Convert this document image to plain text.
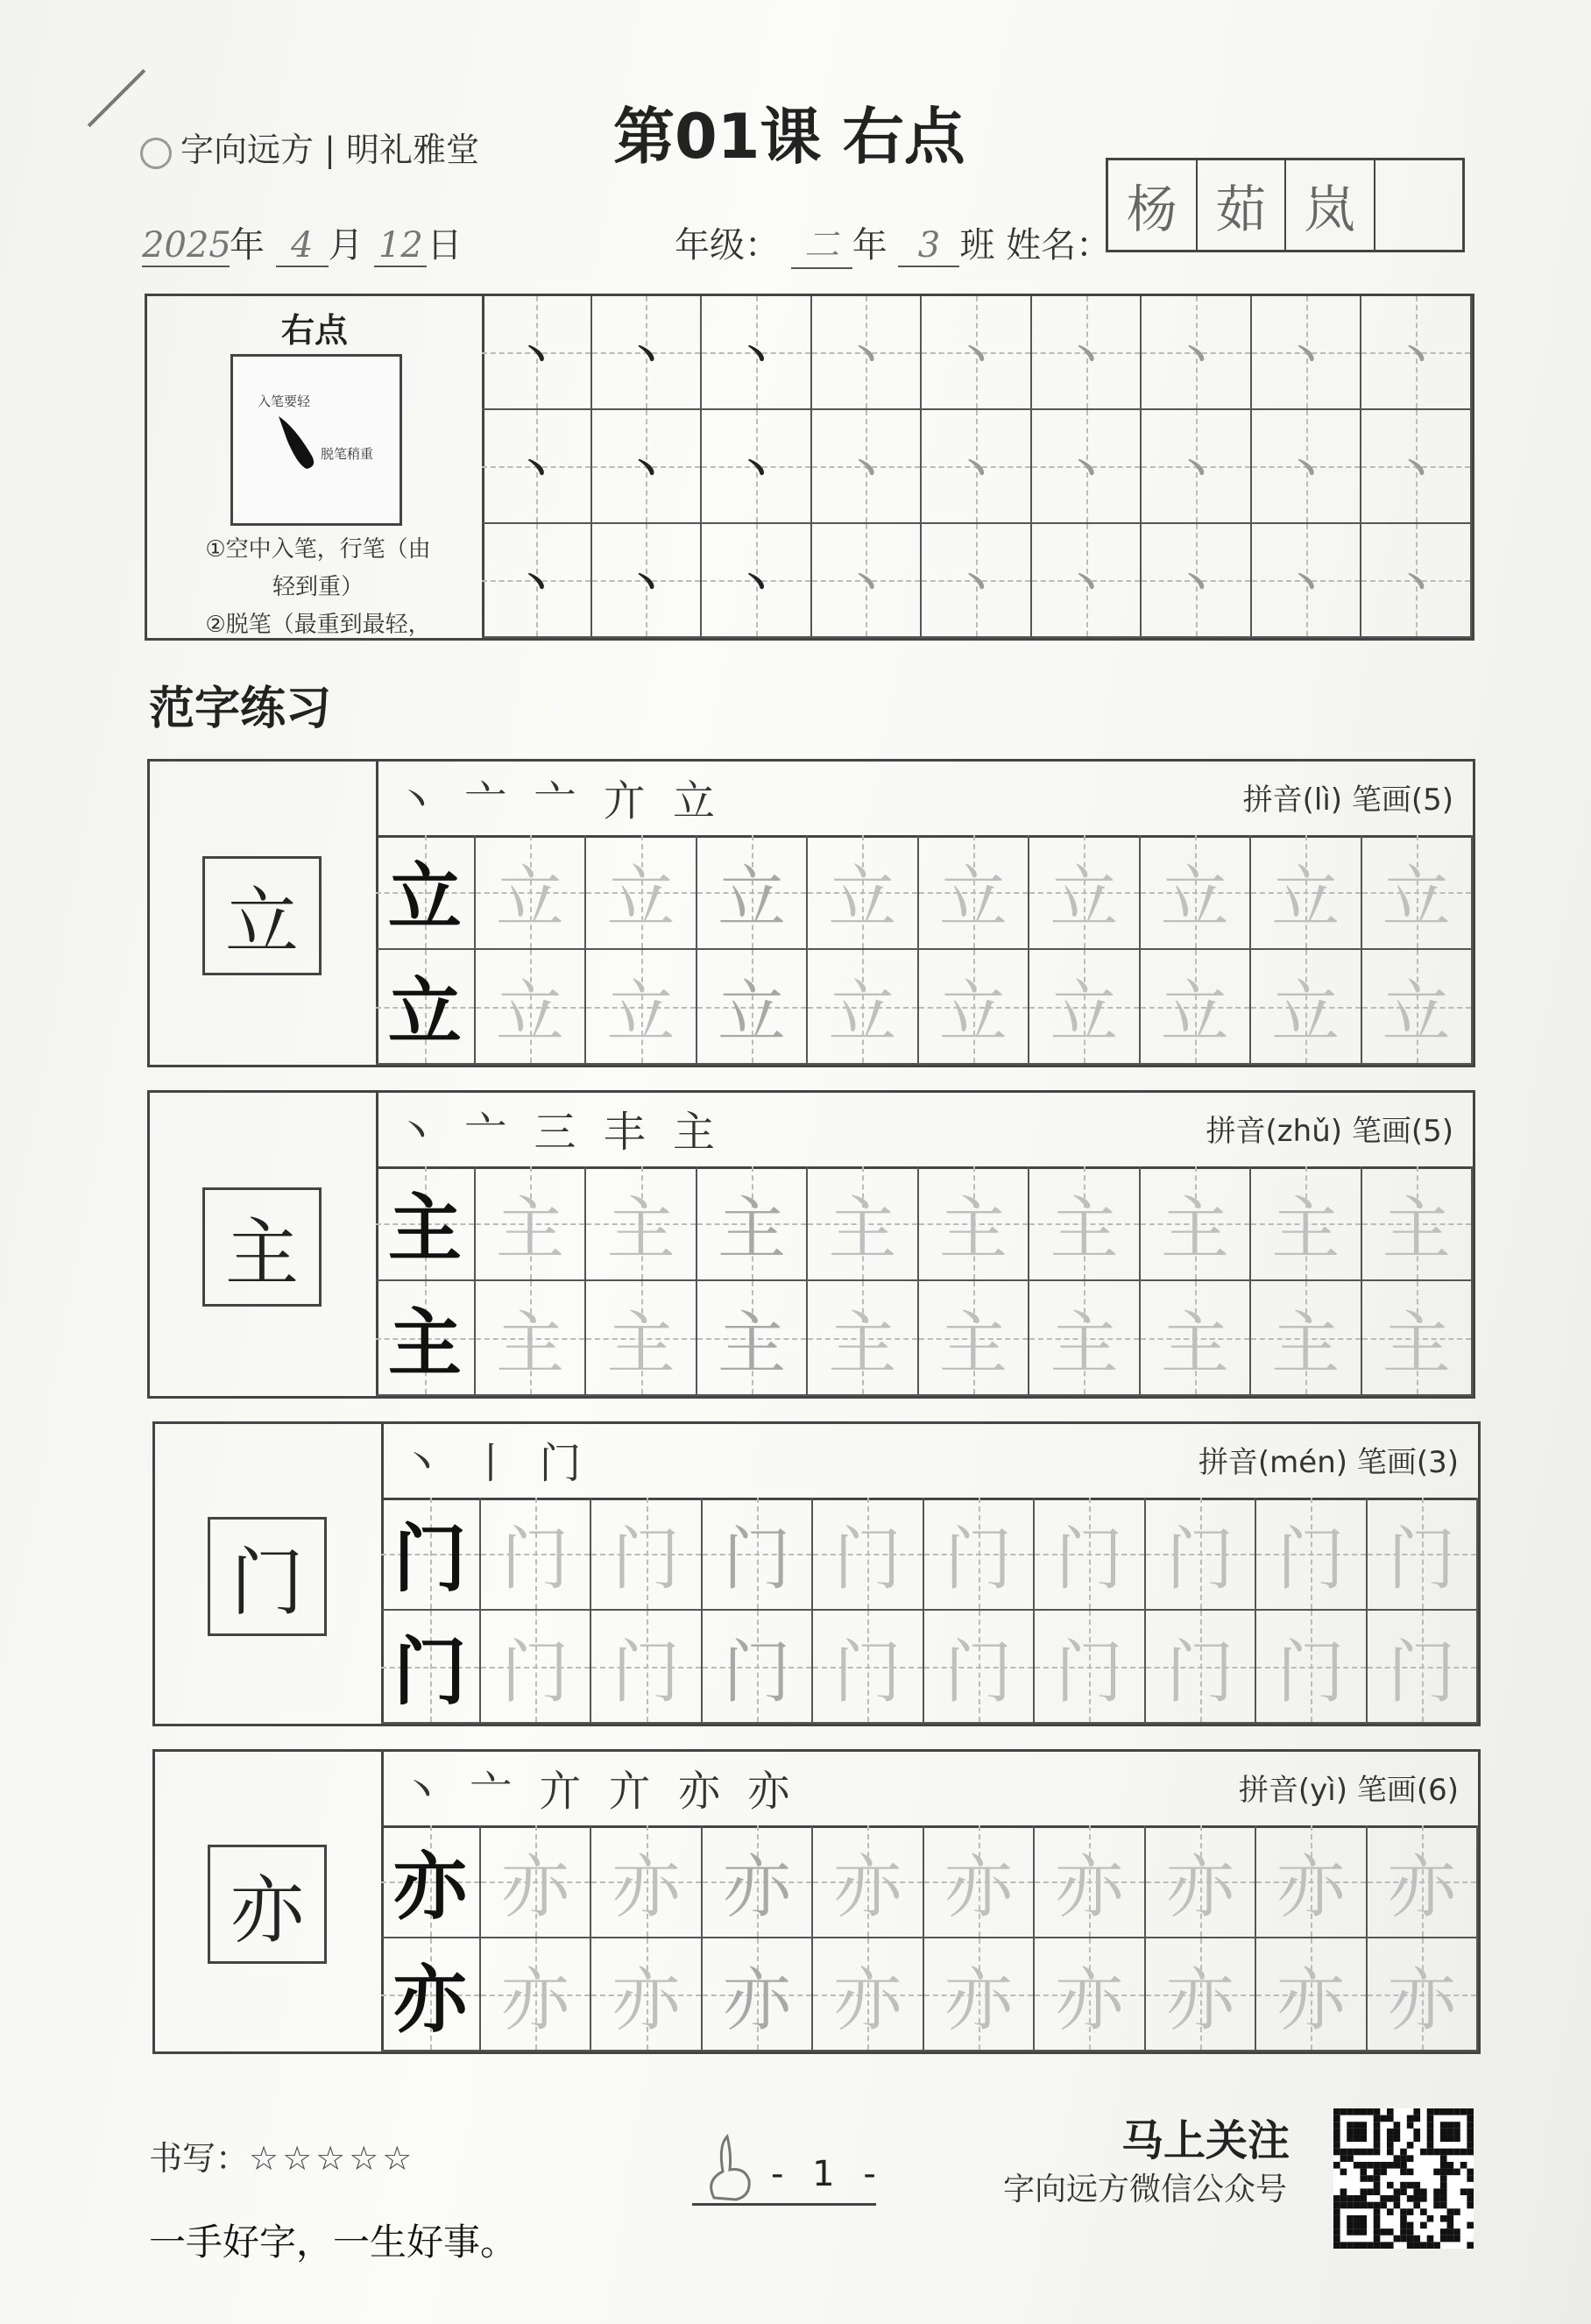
字向远方 | 明礼雅堂 第01课 右点
2025年 4 月 12 日	年级： 二 年 3 班 姓名：
杨 茹 岚
右点
入笔要轻
脱笔稍重
①空中入笔，行笔（由
轻到重）
②脱笔（最重到最轻，
丶 丶 丶 丶 丶 丶 丶 丶 丶
丶 丶 丶 丶 丶 丶 丶 丶 丶
丶 丶 丶 丶 丶 丶 丶 丶 丶
范字练习
立
丶 亠 亠 亣 立	拼音(lì) 笔画(5)
立 立 立 立 立 立 立 立 立 立
立 立 立 立 立 立 立 立 立 立
主
丶 亠 三 丰 主	拼音(zhǔ) 笔画(5)
主 主 主 主 主 主 主 主 主 主
主 主 主 主 主 主 主 主 主 主
门
丶 丨 门	拼音(mén) 笔画(3)
门 门 门 门 门 门 门 门 门 门
门 门 门 门 门 门 门 门 门 门
亦
丶 亠 亣 亣 亦 亦	拼音(yì) 笔画(6)
亦 亦 亦 亦 亦 亦 亦 亦 亦 亦
亦 亦 亦 亦 亦 亦 亦 亦 亦 亦
书写：☆☆☆☆☆
一手好字，一生好事。
- 1 -
马上关注
字向远方微信公众号
